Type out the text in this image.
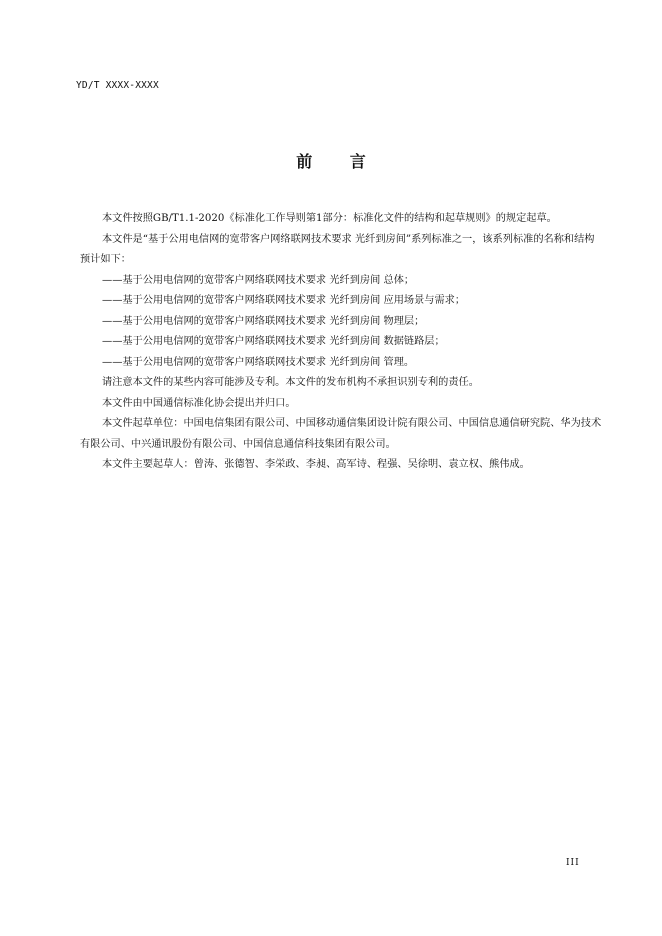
YD/T XXXX-XXXX
前 言

本文件按照GB/T1.1-2020《标准化工作导则第1部分：标准化文件的结构和起草规则》的规定起草。

本文件是“基于公用电信网的宽带客户网络联网技术要求 光纤到房间”系列标准之一，该系列标准的名称和结构预计如下：

——基于公用电信网的宽带客户网络联网技术要求 光纤到房间 总体；

——基于公用电信网的宽带客户网络联网技术要求 光纤到房间 应用场景与需求；

——基于公用电信网的宽带客户网络联网技术要求 光纤到房间 物理层；

——基于公用电信网的宽带客户网络联网技术要求 光纤到房间 数据链路层；

——基于公用电信网的宽带客户网络联网技术要求 光纤到房间 管理。

请注意本文件的某些内容可能涉及专利。本文件的发布机构不承担识别专利的责任。

本文件由中国通信标准化协会提出并归口。

本文件起草单位：中国电信集团有限公司、中国移动通信集团设计院有限公司、中国信息通信研究院、华为技术有限公司、中兴通讯股份有限公司、中国信息通信科技集团有限公司。

本文件主要起草人：曾涛、张德智、李栄政、李昶、高军诗、程强、吴徐明、袁立权、熊伟成。

III
